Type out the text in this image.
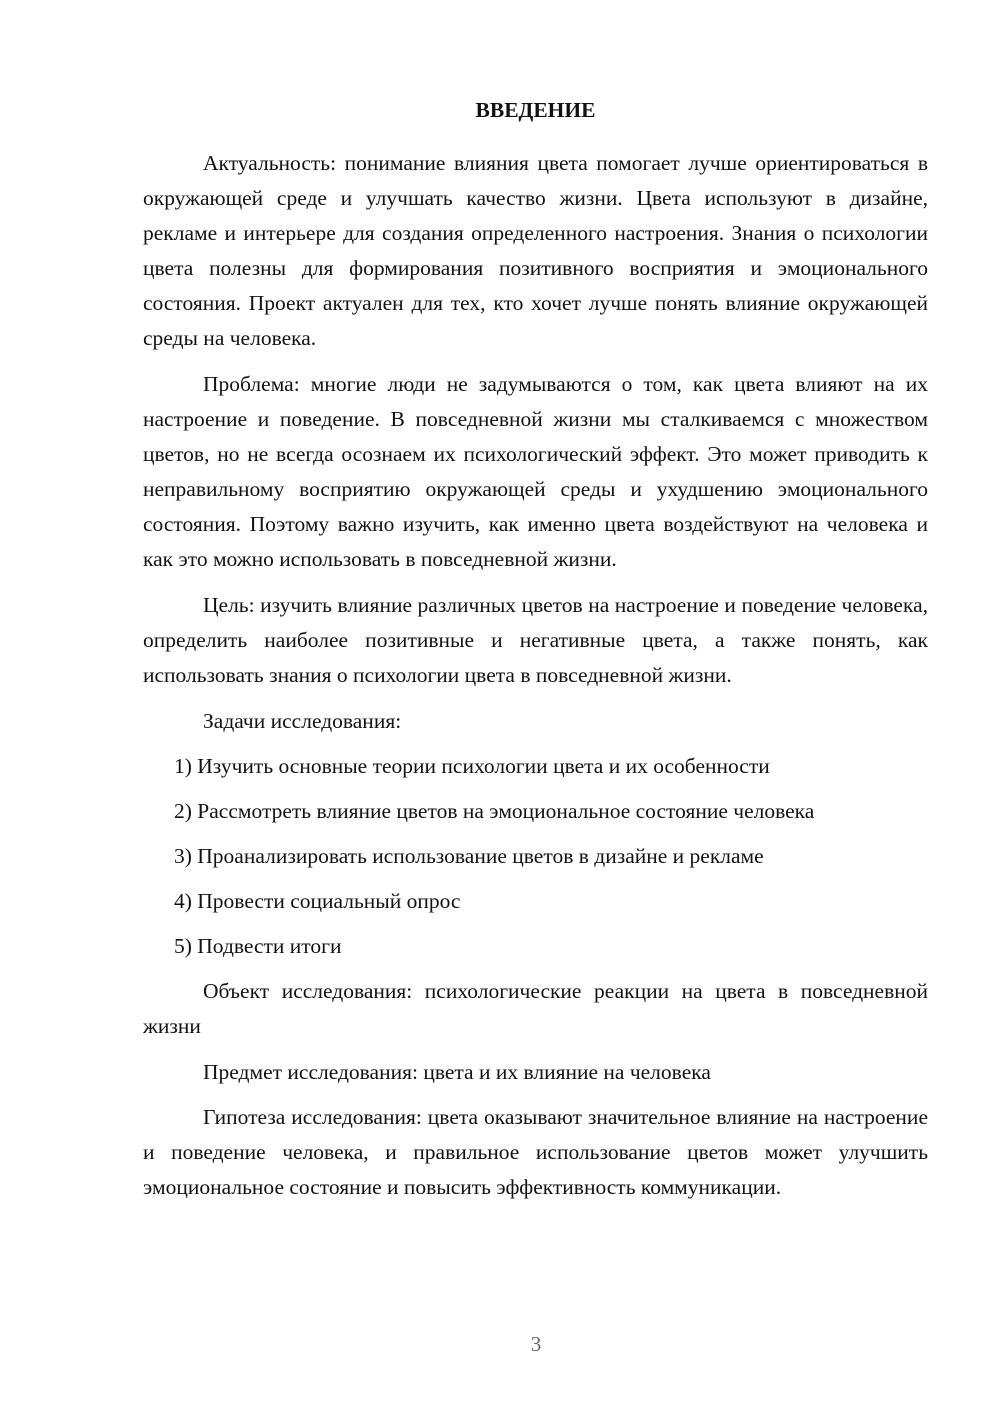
ВВЕДЕНИЕ

Актуальность: понимание влияния цвета помогает лучше ориентироваться в окружающей среде и улучшать качество жизни. Цвета используют в дизайне, рекламе и интерьере для создания определенного настроения. Знания о психологии цвета полезны для формирования позитивного восприятия и эмоционального состояния. Проект актуален для тех, кто хочет лучше понять влияние окружающей среды на человека.

Проблема: многие люди не задумываются о том, как цвета влияют на их настроение и поведение. В повседневной жизни мы сталкиваемся с множеством цветов, но не всегда осознаем их психологический эффект. Это может приводить к неправильному восприятию окружающей среды и ухудшению эмоционального состояния. Поэтому важно изучить, как именно цвета воздействуют на человека и как это можно использовать в повседневной жизни.

Цель: изучить влияние различных цветов на настроение и поведение человека, определить наиболее позитивные и негативные цвета, а также понять, как использовать знания о психологии цвета в повседневной жизни.

Задачи исследования:

1) Изучить основные теории психологии цвета и их особенности
2) Рассмотреть влияние цветов на эмоциональное состояние человека
3) Проанализировать использование цветов в дизайне и рекламе
4) Провести социальный опрос
5) Подвести итоги

Объект исследования: психологические реакции на цвета в повседневной жизни

Предмет исследования: цвета и их влияние на человека

Гипотеза исследования: цвета оказывают значительное влияние на настроение и поведение человека, и правильное использование цветов может улучшить эмоциональное состояние и повысить эффективность коммуникации.

3
